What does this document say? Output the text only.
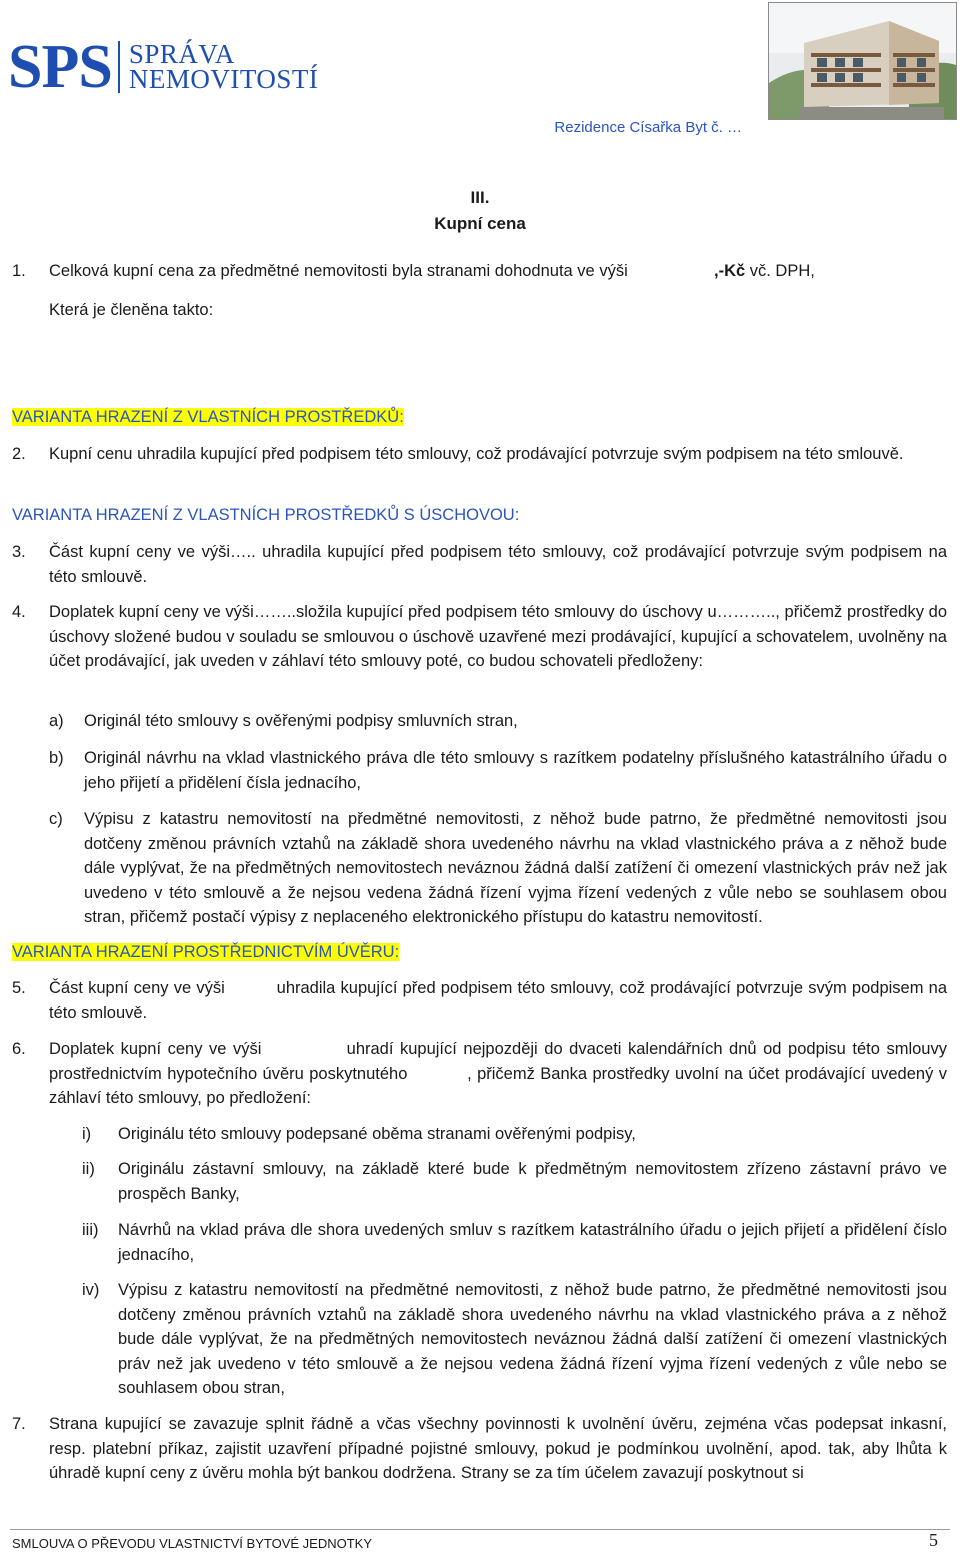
SPS SPRÁVA
NEMOVITOSTÍ
Rezidence Císařka Byt č. …
III.
Kupní cena
1. Celková kupní cena za předmětné nemovitosti byla stranami dohodnuta ve výši	,-Kč vč. DPH,
Která je členěna takto:
VARIANTA HRAZENÍ Z VLASTNÍCH PROSTŘEDKŮ:
2. Kupní cenu uhradila kupující před podpisem této smlouvy, což prodávající potvrzuje svým podpisem na této smlouvě.
VARIANTA HRAZENÍ Z VLASTNÍCH PROSTŘEDKŮ S ÚSCHOVOU:
3. Část kupní ceny ve výši….. uhradila kupující před podpisem této smlouvy, což prodávající potvrzuje svým podpisem na této smlouvě.
4. Doplatek kupní ceny ve výši……..složila kupující před podpisem této smlouvy do úschovy u……….., přičemž prostředky do úschovy složené budou v souladu se smlouvou o úschově uzavřené mezi prodávající, kupující a schovatelem, uvolněny na účet prodávající, jak uveden v záhlaví této smlouvy poté, co budou schovateli předloženy:
a) Originál této smlouvy s ověřenými podpisy smluvních stran,
b) Originál návrhu na vklad vlastnického práva dle této smlouvy s razítkem podatelny příslušného katastrálního úřadu o jeho přijetí a přidělení čísla jednacího,
c) Výpisu z katastru nemovitostí na předmětné nemovitosti, z něhož bude patrno, že předmětné nemovitosti jsou dotčeny změnou právních vztahů na základě shora uvedeného návrhu na vklad vlastnického práva a z něhož bude dále vyplývat, že na předmětných nemovitostech neváznou žádná další zatížení či omezení vlastnických práv než jak uvedeno v této smlouvě a že nejsou vedena žádná řízení vyjma řízení vedených z vůle nebo se souhlasem obou stran, přičemž postačí výpisy z neplaceného elektronického přístupu do katastru nemovitostí.
VARIANTA HRAZENÍ PROSTŘEDNICTVÍM ÚVĚRU:
5. Část kupní ceny ve výši          uhradila kupující před podpisem této smlouvy, což prodávající potvrzuje svým podpisem na této smlouvě.
6. Doplatek kupní ceny ve výši             uhradí kupující nejpozději do dvaceti kalendářních dnů od podpisu této smlouvy prostřednictvím hypotečního úvěru poskytnutého           , přičemž Banka prostředky uvolní na účet prodávající uvedený v záhlaví této smlouvy, po předložení:
i) Originálu této smlouvy podepsané oběma stranami ověřenými podpisy,
ii) Originálu zástavní smlouvy, na základě které bude k předmětným nemovitostem zřízeno zástavní právo ve prospěch Banky,
iii) Návrhů na vklad práva dle shora uvedených smluv s razítkem katastrálního úřadu o jejich přijetí a přidělení číslo jednacího,
iv) Výpisu z katastru nemovitostí na předmětné nemovitosti, z něhož bude patrno, že předmětné nemovitosti jsou dotčeny změnou právních vztahů na základě shora uvedeného návrhu na vklad vlastnického práva a z něhož bude dále vyplývat, že na předmětných nemovitostech neváznou žádná další zatížení či omezení vlastnických práv než jak uvedeno v této smlouvě a že nejsou vedena žádná řízení vyjma řízení vedených z vůle nebo se souhlasem obou stran,
7. Strana kupující se zavazuje splnit řádně a včas všechny povinnosti k uvolnění úvěru, zejména včas podepsat inkasní, resp. platební příkaz, zajistit uzavření případné pojistné smlouvy, pokud je podmínkou uvolnění, apod. tak, aby lhůta k úhradě kupní ceny z úvěru mohla být bankou dodržena. Strany se za tím účelem zavazují poskytnout si
SMLOUVA O PŘEVODU VLASTNICTVÍ BYTOVÉ JEDNOTKY	5
